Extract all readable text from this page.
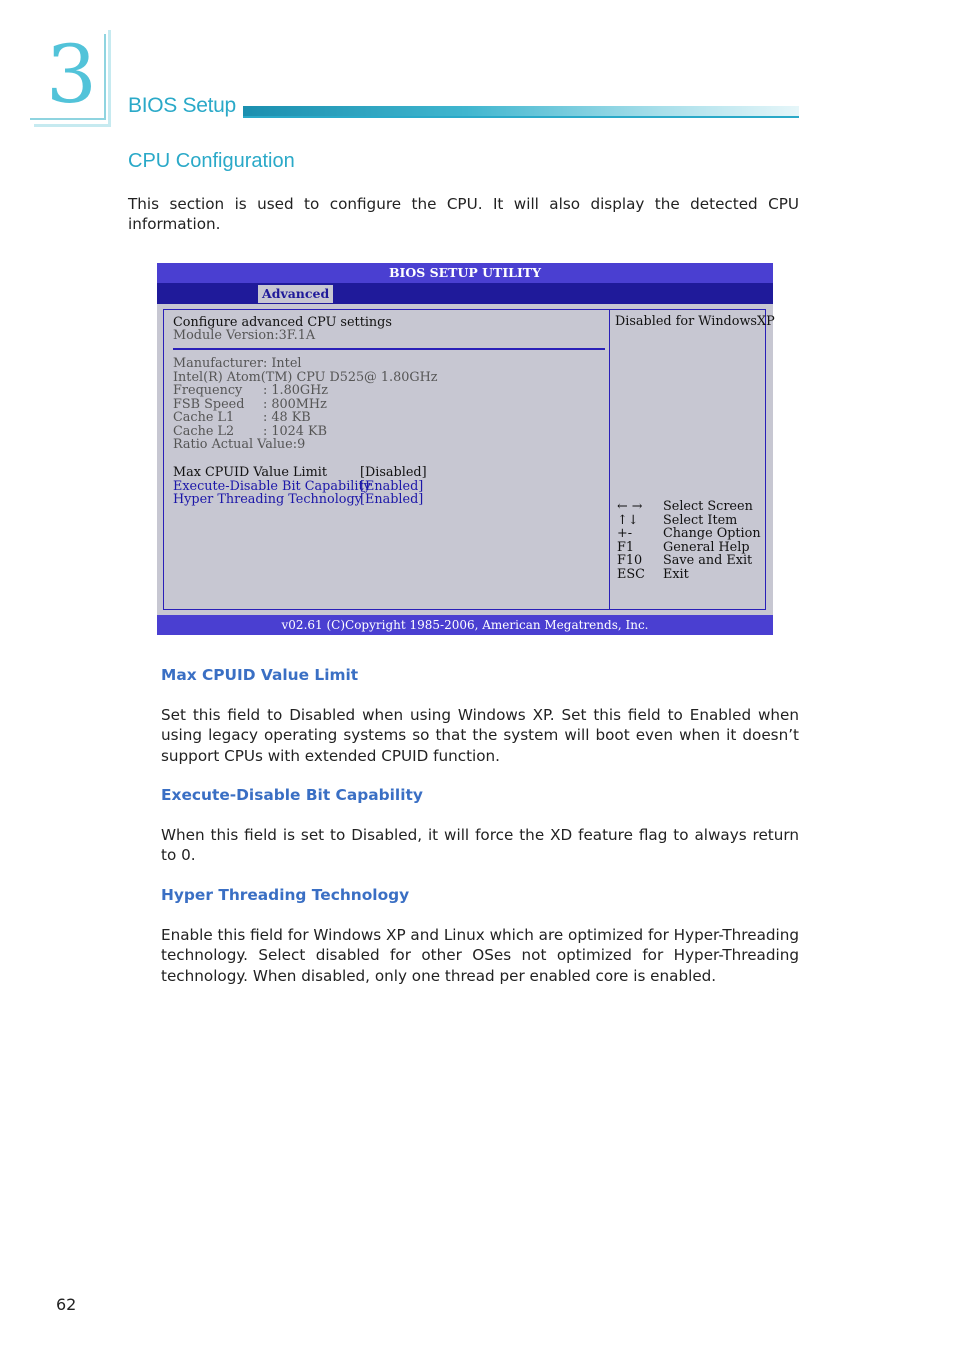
3 BIOS Setup
CPU Configuration
This section is used to configure the CPU. It will also display the detected CPU information.
BIOS SETUP UTILITY
Advanced
Configure advanced CPU settings
Module Version:3F.1A
Manufacturer : Intel
Intel(R) Atom(TM) CPU D525 @ 1.80GHz
Frequency : 1.80GHz
FSB Speed : 800MHz
Cache L1 : 48 KB
Cache L2 : 1024 KB
Ratio Actual Value:9
Max CPUID Value Limit	[Disabled]
Execute-Disable Bit Capability
[Enabled]
Hyper Threading Technology
[Enabled]
Disabled for WindowsXP
← → Select Screen
↑↓ Select Item
+- Change Option
F1 General Help
F10 Save and Exit
ESC Exit
v02.61 (C)Copyright 1985-2006, American Megatrends, Inc.
Max CPUID Value Limit
Set this field to Disabled when using Windows XP. Set this field to Enabled when using legacy operating systems so that the system will boot even when it doesn’t support CPUs with extended CPUID function.
Execute-Disable Bit Capability
When this field is set to Disabled, it will force the XD feature flag to always return to 0.
Hyper Threading Technology
Enable this field for Windows XP and Linux which are optimized for Hyper-Threading technology. Select disabled for other OSes not optimized for Hyper-Threading technology. When disabled, only one thread per enabled core is enabled.
62
